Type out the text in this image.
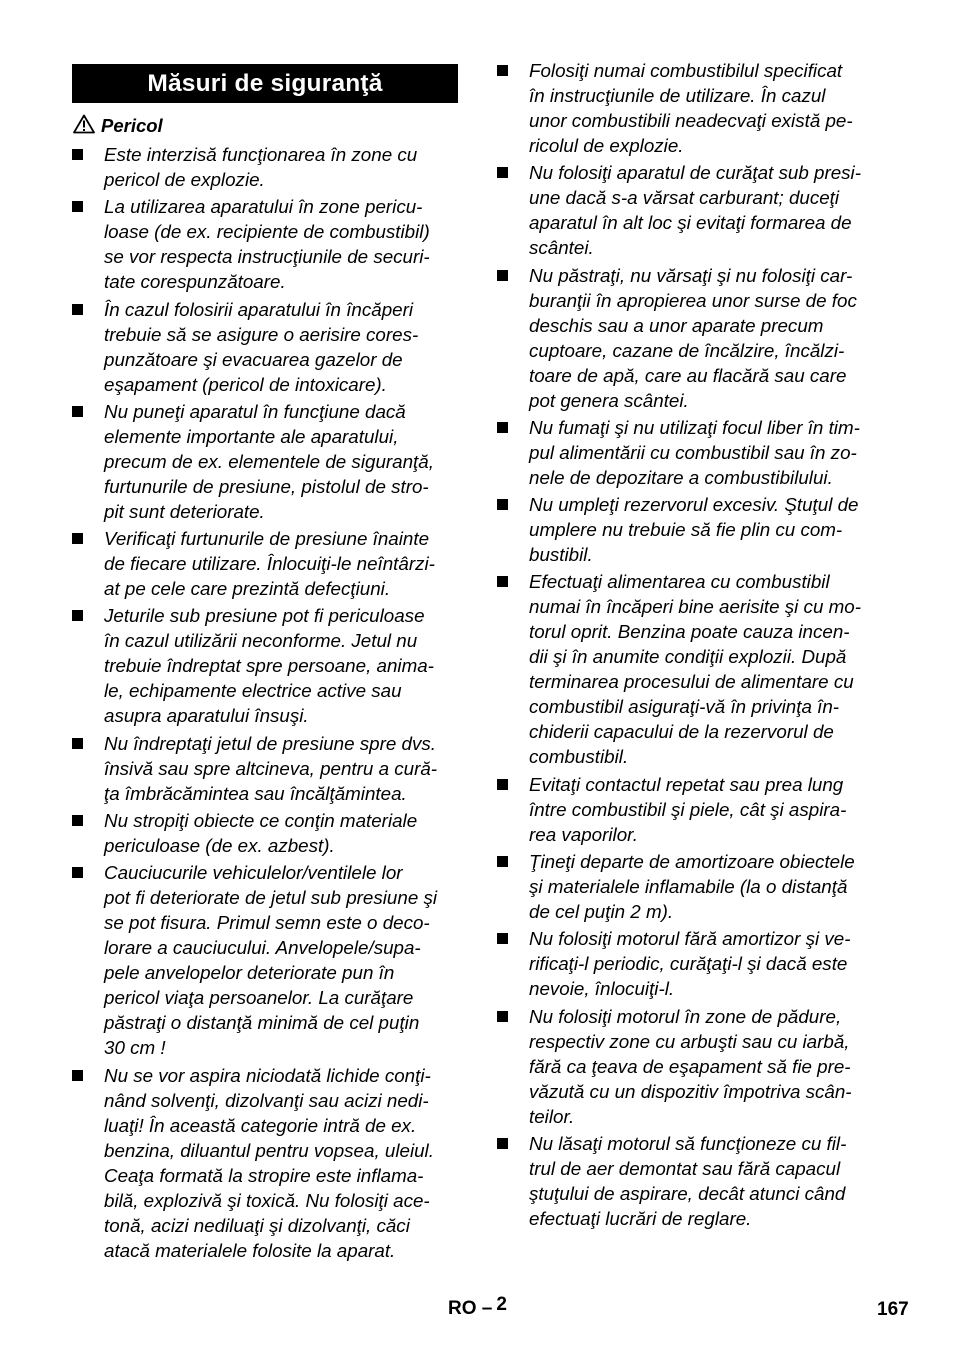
Măsuri de siguranţă
Pericol
Este interzisă funcţionarea în zone cu
pericol de explozie.
La utilizarea aparatului în zone pericu-
loase (de ex. recipiente de combustibil)
se vor respecta instrucţiunile de securi-
tate corespunzătoare.
În cazul folosirii aparatului în încăperi
trebuie să se asigure o aerisire cores-
punzătoare şi evacuarea gazelor de
eşapament (pericol de intoxicare).
Nu puneţi aparatul în funcţiune dacă
elemente importante ale aparatului,
precum de ex. elementele de siguranţă,
furtunurile de presiune, pistolul de stro-
pit sunt deteriorate.
Verificaţi furtunurile de presiune înainte
de fiecare utilizare. Înlocuiţi-le neîntârzi-
at pe cele care prezintă defecţiuni.
Jeturile sub presiune pot fi periculoase
în cazul utilizării neconforme. Jetul nu
trebuie îndreptat spre persoane, anima-
le, echipamente electrice active sau
asupra aparatului însuşi.
Nu îndreptaţi jetul de presiune spre dvs.
însivă sau spre altcineva, pentru a cură-
ţa îmbrăcămintea sau încălţămintea.
Nu stropiţi obiecte ce conţin materiale
periculoase (de ex. azbest).
Cauciucurile vehiculelor/ventilele lor
pot fi deteriorate de jetul sub presiune şi
se pot fisura. Primul semn este o deco-
lorare a cauciucului. Anvelopele/supa-
pele anvelopelor deteriorate pun în
pericol viaţa persoanelor. La curăţare
păstraţi o distanţă minimă de cel puţin
30 cm !
Nu se vor aspira niciodată lichide conţi-
nând solvenţi, dizolvanţi sau acizi nedi-
luaţi! În această categorie intră de ex.
benzina, diluantul pentru vopsea, uleiul.
Ceaţa formată la stropire este inflama-
bilă, explozivă şi toxică. Nu folosiţi ace-
tonă, acizi nediluaţi şi dizolvanţi, căci
atacă materialele folosite la aparat.
Folosiţi numai combustibilul specificat
în instrucţiunile de utilizare. În cazul
unor combustibili neadecvaţi există pe-
ricolul de explozie.
Nu folosiţi aparatul de curăţat sub presi-
une dacă s-a vărsat carburant; duceţi
aparatul în alt loc şi evitaţi formarea de
scântei.
Nu păstraţi, nu vărsaţi şi nu folosiţi car-
buranţii în apropierea unor surse de foc
deschis sau a unor aparate precum
cuptoare, cazane de încălzire, încălzi-
toare de apă, care au flacără sau care
pot genera scântei.
Nu fumaţi şi nu utilizaţi focul liber în tim-
pul alimentării cu combustibil sau în zo-
nele de depozitare a combustibilului.
Nu umpleţi rezervorul excesiv. Ştuţul de
umplere nu trebuie să fie plin cu com-
bustibil.
Efectuaţi alimentarea cu combustibil
numai în încăperi bine aerisite şi cu mo-
torul oprit. Benzina poate cauza incen-
dii şi în anumite condiţii explozii. După
terminarea procesului de alimentare cu
combustibil asiguraţi-vă în privinţa în-
chiderii capacului de la rezervorul de
combustibil.
Evitaţi contactul repetat sau prea lung
între combustibil şi piele, cât şi aspira-
rea vaporilor.
Ţineţi departe de amortizoare obiectele
şi materialele inflamabile (la o distanţă
de cel puţin 2 m).
Nu folosiţi motorul fără amortizor şi ve-
rificaţi-l periodic, curăţaţi-l şi dacă este
nevoie, înlocuiţi-l.
Nu folosiţi motorul în zone de pădure,
respectiv zone cu arbuşti sau cu iarbă,
fără ca ţeava de eşapament să fie pre-
văzută cu un dispozitiv împotriva scân-
teilor.
Nu lăsaţi motorul să funcţioneze cu fil-
trul de aer demontat sau fără capacul
ştuţului de aspirare, decât atunci când
efectuaţi lucrări de reglare.
RO – 2	167
